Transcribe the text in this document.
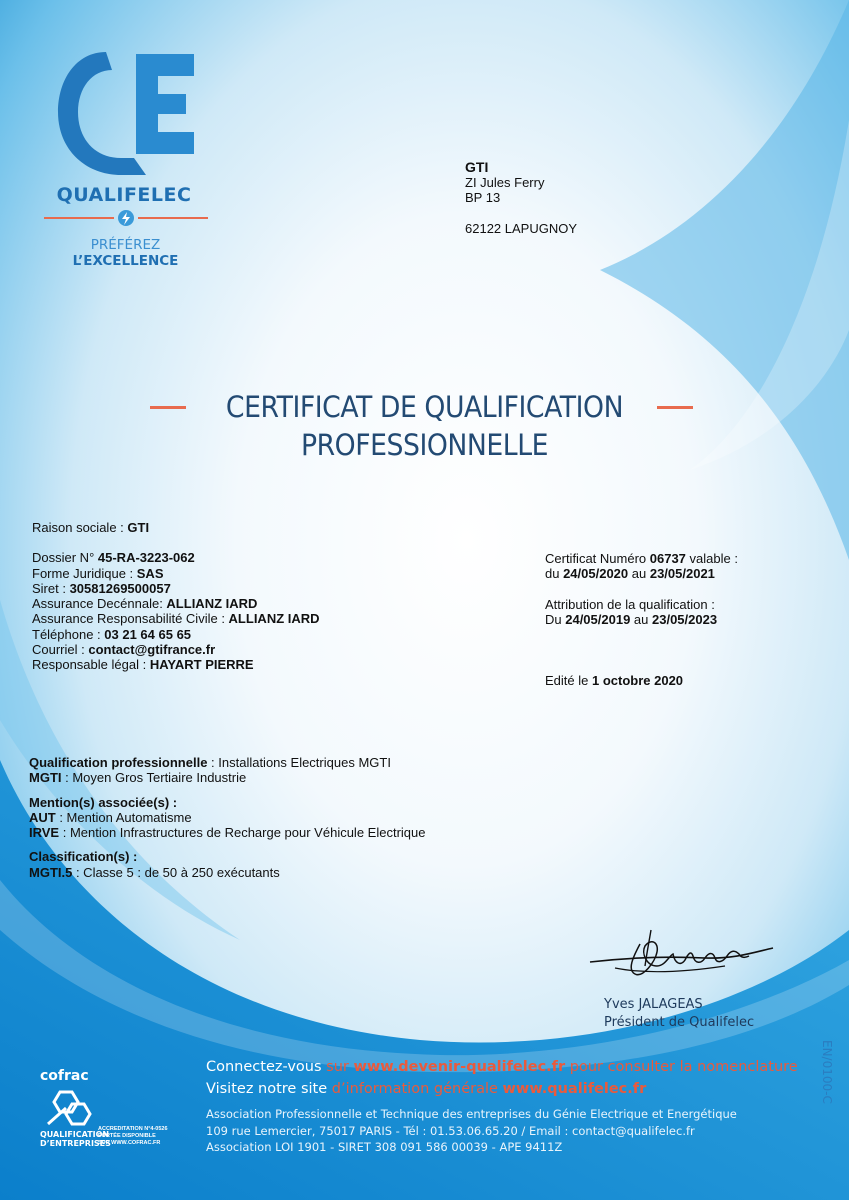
QUALIFELEC
PRÉFÉREZ L’EXCELLENCE
GTI
ZI Jules Ferry
BP 13
62122 LAPUGNOY
CERTIFICAT DE QUALIFICATION
PROFESSIONNELLE
Raison sociale : GTI
Dossier N° 45-RA-3223-062
Forme Juridique : SAS
Siret : 30581269500057
Assurance Decénnale: ALLIANZ IARD
Assurance Responsabilité Civile : ALLIANZ IARD
Téléphone : 03 21 64 65 65
Courriel : contact@gtifrance.fr
Responsable légal : HAYART PIERRE
Certificat Numéro 06737 valable :
du 24/05/2020 au 23/05/2021
Attribution de la qualification :
Du 24/05/2019 au 23/05/2023
Edité le 1 octobre 2020
Qualification professionnelle : Installations Electriques MGTI
MGTI : Moyen Gros Tertiaire Industrie
Mention(s) associée(s) :
AUT : Mention Automatisme
IRVE : Mention Infrastructures de Recharge pour Véhicule Electrique
Classification(s) :
MGTI.5 : Classe 5 : de 50 à 250 exécutants
Yves JALAGEAS
Président de Qualifelec
cofrac
QUALIFICATION
D’ENTREPRISES
ACCREDITATION N°4-0526
PORTÉE DISPONIBLE
SUR WWW.COFRAC.FR
Connectez-vous sur www.devenir-qualifelec.fr pour consulter la nomenclature
Visitez notre site d’information générale www.qualifelec.fr
Association Professionnelle et Technique des entreprises du Génie Electrique et Energétique
109 rue Lemercier, 75017 PARIS - Tél : 01.53.06.65.20 / Email : contact@qualifelec.fr
Association LOI 1901 - SIRET 308 091 586 00039 - APE 9411Z
EN/0100-C
